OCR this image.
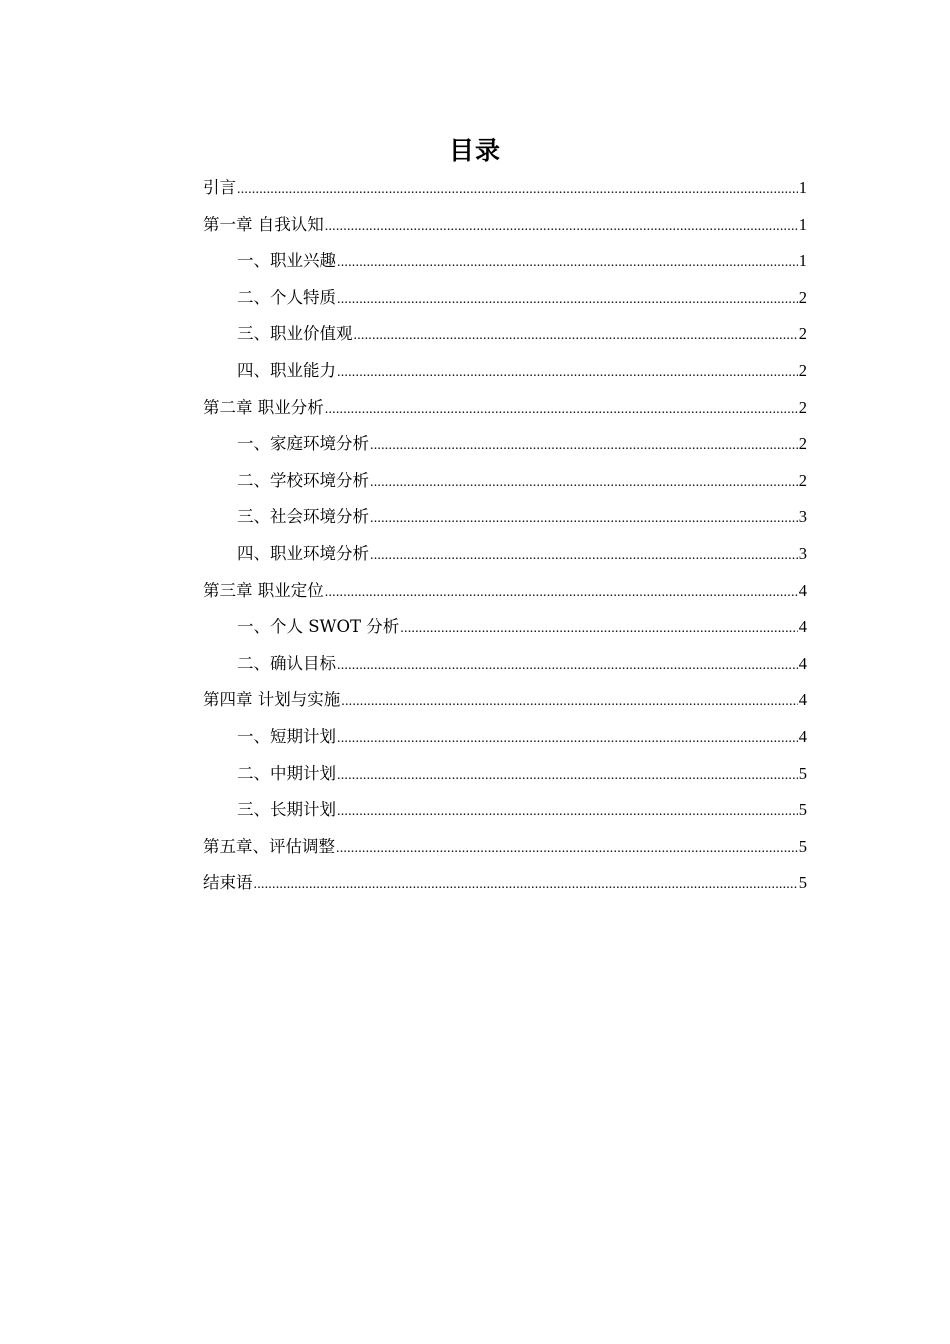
目录
引言 .....	1
第一章 自我认知 .....	1
一、职业兴趣 .....	1
二、个人特质 .....	2
三、职业价值观 .....	2
四、职业能力 .....	2
第二章 职业分析 .....	2
一、家庭环境分析 .....	2
二、学校环境分析 .....	2
三、社会环境分析 .....	3
四、职业环境分析 .....	3
第三章 职业定位 .....	4
一、个人 SWOT 分析 .....	4
二、确认目标 .....	4
第四章 计划与实施 .....	4
一、短期计划 .....	4
二、中期计划 .....	5
三、长期计划 .....	5
第五章、评估调整 .....	5
结束语 .....	5
